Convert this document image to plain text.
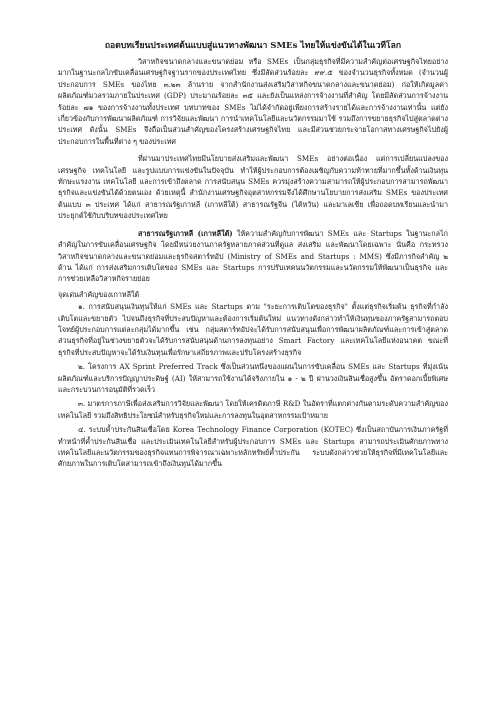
ถอดบทเรียนประเทศต้นแบบสู่แนวทางพัฒนา SMEs ไทยให้แข่งขันได้ในเวทีโลก

วิสาหกิจขนาดกลางและขนาดย่อม หรือ SMEs เป็นกลุ่มธุรกิจที่มีความสำคัญต่อเศรษฐกิจไทยอย่างมากในฐานะกลไกขับเคลื่อนเศรษฐกิจฐานรากของประเทศไทย ซึ่งมีสัดส่วนร้อยละ ๙๙.๕ ของจำนวนธุรกิจทั้งหมด (จำนวนผู้ประกอบการ SMEs ของไทย ๓.๒๓ ล้านราย จากสำนักงานส่งเสริมวิสาหกิจขนาดกลางและขนาดย่อม) ก่อให้เกิดมูลค่าผลิตภัณฑ์มวลรวมภายในประเทศ (GDP) ประมาณร้อยละ ๓๕ และยังเป็นแหล่งการจ้างงานที่สำคัญ โดยมีสัดส่วนการจ้างงานร้อยละ ๗๑ ของการจ้างงานทั้งประเทศ บทบาทของ SMEs ไม่ได้จำกัดอยู่เพียงการสร้างรายได้และการจ้างงานเท่านั้น แต่ยังเกี่ยวข้องกับการพัฒนาผลิตภัณฑ์ การวิจัยและพัฒนา การนำเทคโนโลยีและนวัตกรรมมาใช้ รวมถึงการขยายธุรกิจไปสู่ตลาดต่างประเทศ ดังนั้น SMEs จึงถือเป็นส่วนสำคัญของโครงสร้างเศรษฐกิจไทย และมีส่วนช่วยกระจายโอกาสทางเศรษฐกิจไปยังผู้ประกอบการในพื้นที่ต่าง ๆ ของประเทศ

ที่ผ่านมาประเทศไทยมีนโยบายส่งเสริมและพัฒนา SMEs อย่างต่อเนื่อง แต่การเปลี่ยนแปลงของเศรษฐกิจ เทคโนโลยี และรูปแบบการแข่งขันในปัจจุบัน ทำให้ผู้ประกอบการต้องเผชิญกับความท้าทายที่มากขึ้นทั้งด้านเงินทุน ทักษะแรงงาน เทคโนโลยี และการเข้าถึงตลาด การสนับสนุน SMEs ควรมุ่งสร้างความสามารถให้ผู้ประกอบการสามารถพัฒนาธุรกิจและแข่งขันได้ด้วยตนเอง ด้วยเหตุนี้ สำนักงานเศรษฐกิจอุตสาหกรรมจึงได้ศึกษานโยบายการส่งเสริม SMEs ของประเทศต้นแบบ ๓ ประเทศ ได้แก่ สาธารณรัฐเกาหลี (เกาหลีใต้) สาธารณรัฐจีน (ไต้หวัน) และมาเลเซีย เพื่อถอดบทเรียนและนำมาประยุกต์ใช้กับบริบทของประเทศไทย

สาธารณรัฐเกาหลี (เกาหลีใต้) ให้ความสำคัญกับการพัฒนา SMEs และ Startups ในฐานะกลไกสำคัญในการขับเคลื่อนเศรษฐกิจ โดยมีหน่วยงานภาครัฐหลายภาคส่วนที่ดูแล ส่งเสริม และพัฒนาโดยเฉพาะ นั่นคือ กระทรวงวิสาหกิจขนาดกลางและขนาดย่อมและธุรกิจสตาร์ทอัป (Ministry of SMEs and Startups : MMS) ซึ่งมีภารกิจสำคัญ ๒ ด้าน ได้แก่ การส่งเสริมการเติบโตของ SMEs และ Startups การปรับเทคนนวัตกรรมและนวัตกรรมให้พัฒนาเป็นธุรกิจ และการช่วยเหลือวิสาหกิจรายย่อย

จุดเด่นสำคัญของเกาหลีใต้

๑. การสนับสนุนเงินทุนให้แก่ SMEs และ Startups ตาม "ระยะการเติบโตของธุรกิจ" ตั้งแต่ธุรกิจเริ่มต้น ธุรกิจที่กำลังเติบโตและขยายตัว ไปจนถึงธุรกิจที่ประสบปัญหาและต้องการเริ่มต้นใหม่ แนวทางดังกล่าวทำให้เงินทุนของภาครัฐสามารถตอบโจทย์ผู้ประกอบการแต่ละกลุ่มได้มากขึ้น เช่น กลุ่มสตาร์ทอัปจะได้รับการสนับสนุนเพื่อการพัฒนาผลิตภัณฑ์และการเข้าสู่ตลาด ส่วนธุรกิจที่อยู่ในช่วงขยายตัวจะได้รับการสนับสนุนด้านการลงทุนอย่าง Smart Factory และเทคโนโลยีแห่งอนาคต ขณะที่ธุรกิจที่ประสบปัญหาจะได้รับเงินทุนเพื่อรักษาเสถียรภาพและปรับโครงสร้างธุรกิจ

๒. โครงการ AX Sprint Preferred Track ซึ่งเป็นส่วนหนึ่งของแผนในการขับเคลื่อน SMEs และ Startups ที่มุ่งเน้นผลิตภัณฑ์และบริการปัญญาประดิษฐ์ (AI) ให้สามารถใช้งานได้จริงภายใน ๑ - ๒ ปี ผ่านวงเงินสินเชื่อสูงขึ้น อัตราดอกเบี้ยพิเศษ และกระบวนการอนุมัติที่รวดเร็ว

๓. มาตรการภาษีเพื่อส่งเสริมการวิจัยและพัฒนา โดยให้เครดิตภาษี R&D ในอัตราที่แตกต่างกันตามระดับความสำคัญของเทคโนโลยี รวมถึงสิทธิประโยชน์สำหรับธุรกิจใหม่และการลงทุนในอุตสาหกรรมเป้าหมาย

๔. ระบบค้ำประกันสินเชื่อโดย Korea Technology Finance Corporation (KOTEC) ซึ่งเป็นสถาบันการเงินภาครัฐที่ทำหน้าที่ค้ำประกันสินเชื่อ และประเมินเทคโนโลยีสำหรับผู้ประกอบการ SMEs และ Startups สามารถประเมินศักยภาพทางเทคโนโลยีและนวัตกรรมของธุรกิจแทนการพิจารณาเฉพาะหลักทรัพย์ค้ำประกัน ระบบดังกล่าวช่วยให้ธุรกิจที่มีเทคโนโลยีและศักยภาพในการเติบโตสามารถเข้าถึงเงินทุนได้มากขึ้น
